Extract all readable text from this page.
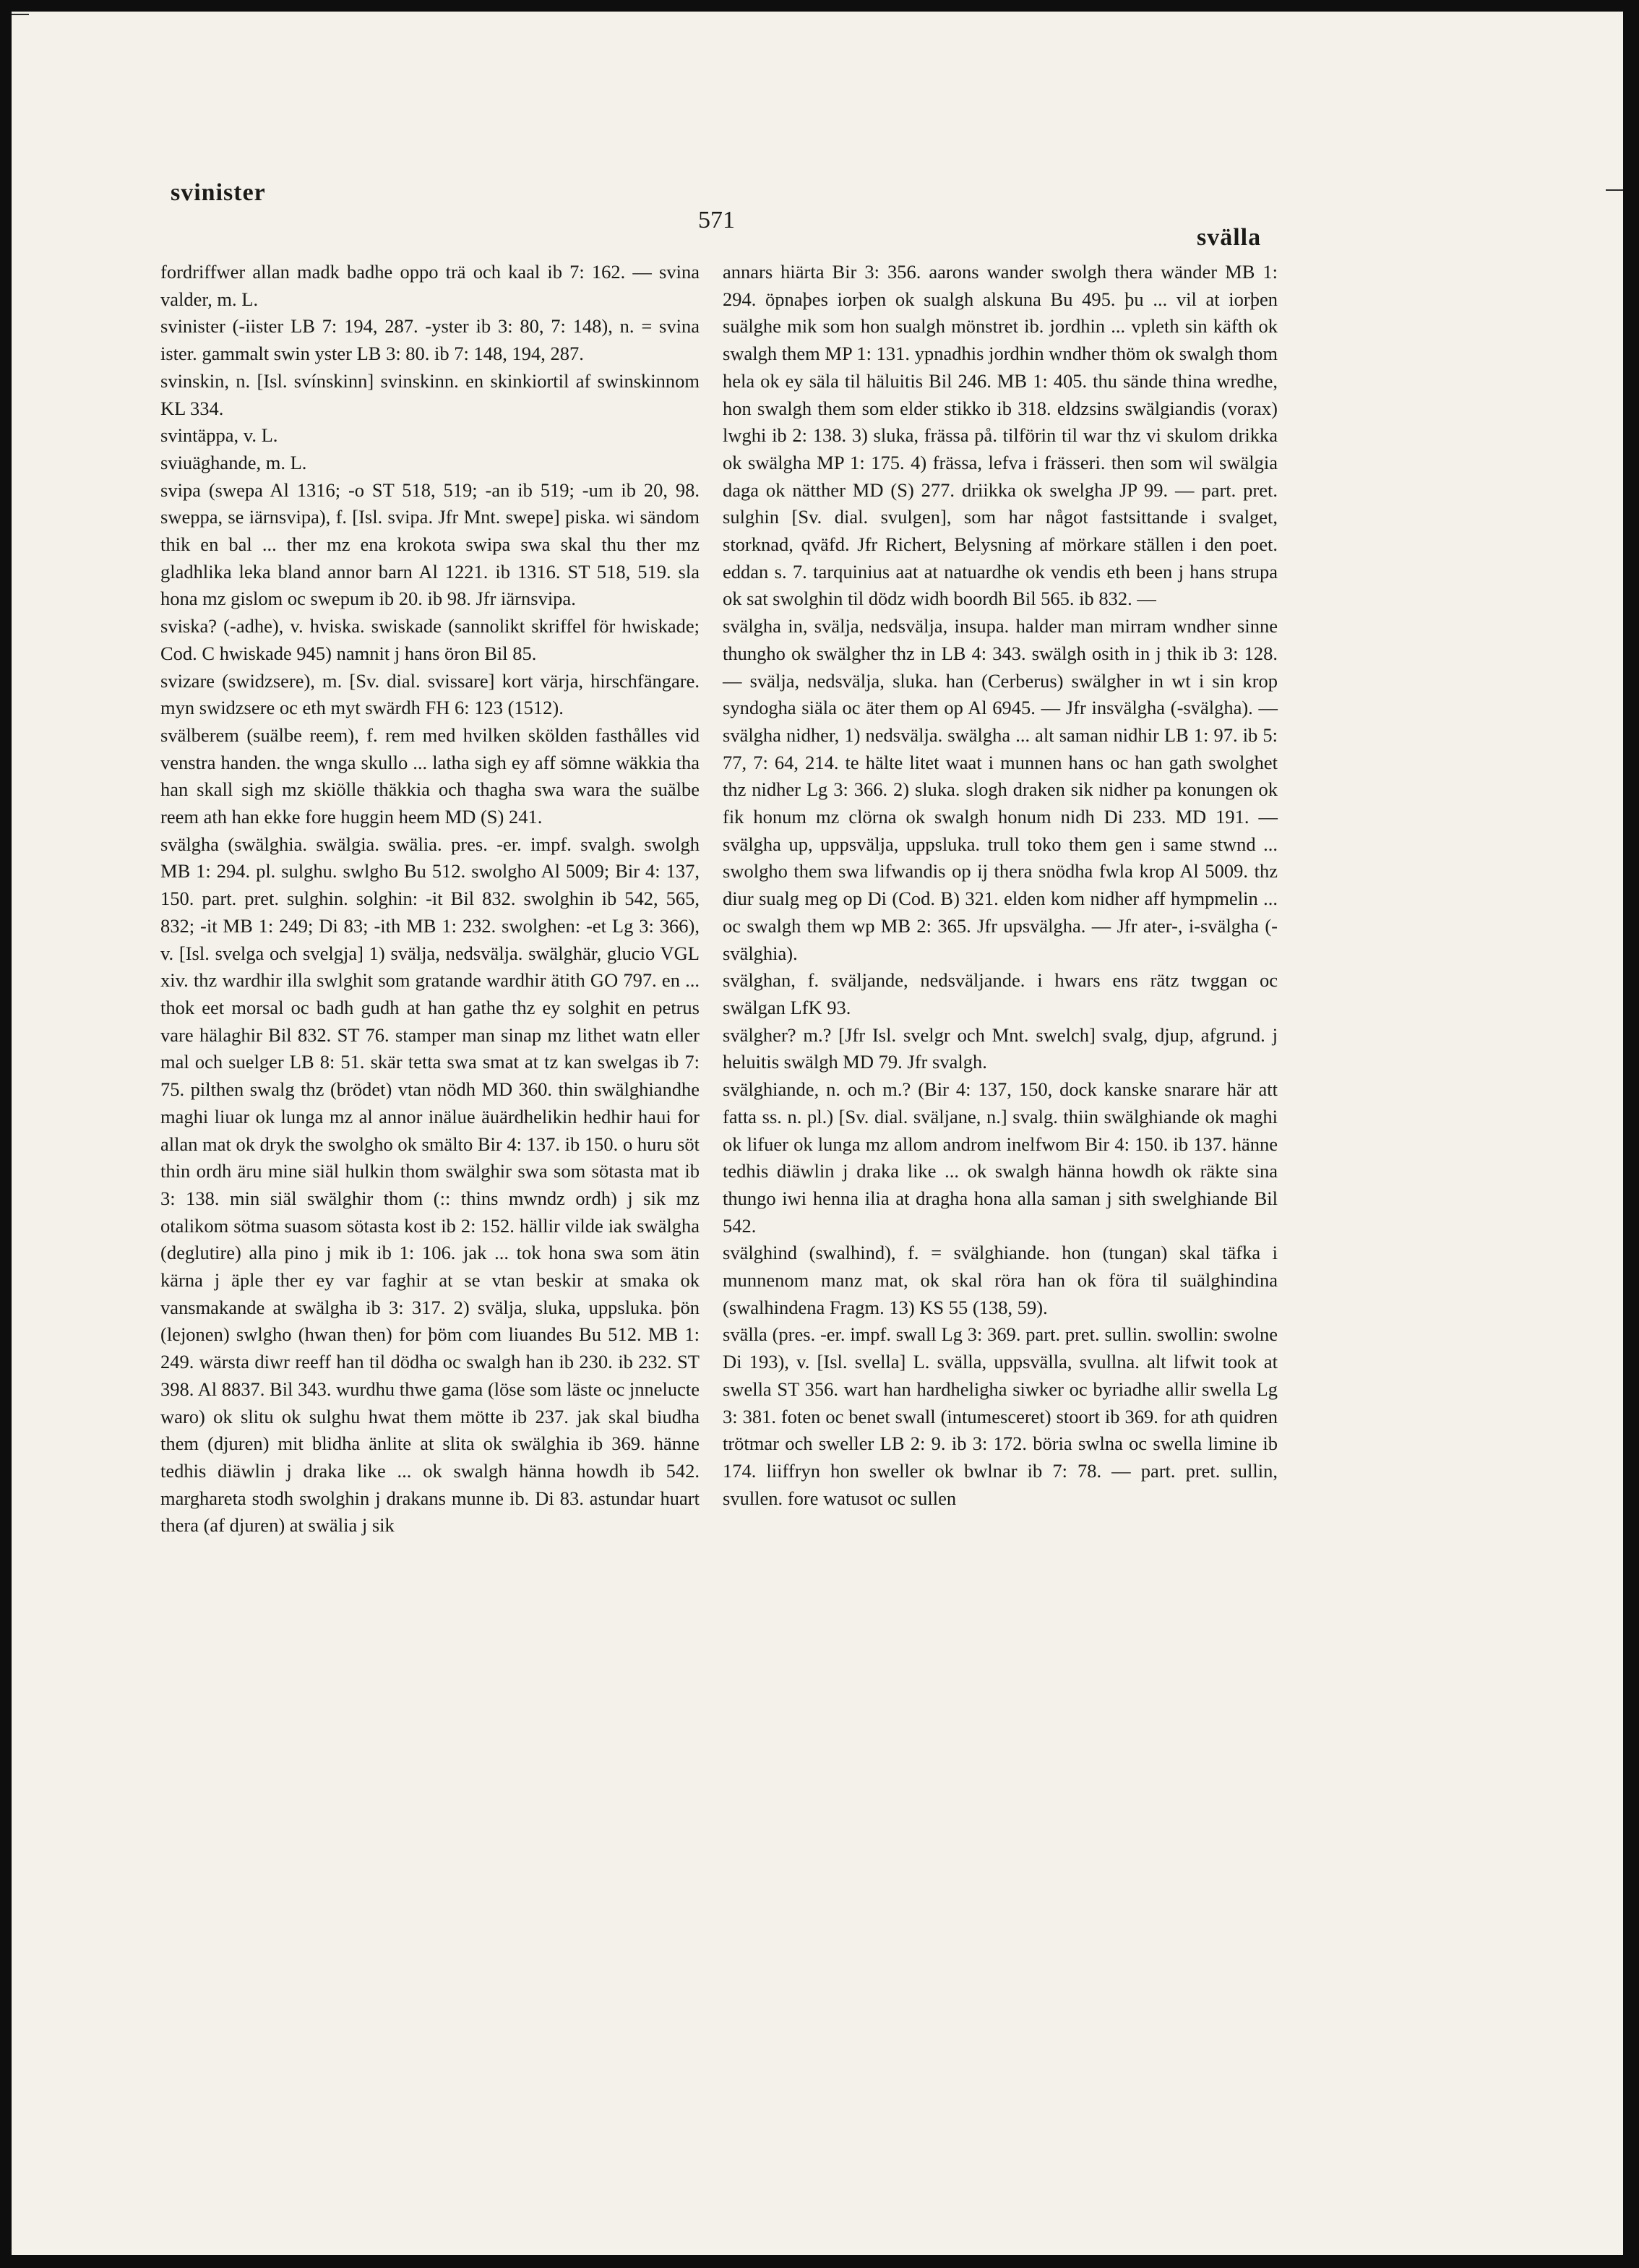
svinister
571
svälla

fordriffwer allan madk badhe oppo trä och kaal ib 7: 162. — svina valder, m. L.

svinister (-iister LB 7: 194, 287. -yster ib 3: 80, 7: 148), n. = svina ister. gammalt swin yster LB 3: 80. ib 7: 148, 194, 287.

svinskin, n. [Isl. svínskinn] svinskinn. en skinkiortil af swinskinnom KL 334.

svintäppa, v. L.

sviuäghande, m. L.

svipa (swepa Al 1316; -o ST 518, 519; -an ib 519; -um ib 20, 98. sweppa, se iärnsvipa), f. [Isl. svipa. Jfr Mnt. swepe] piska. wi sändom thik en bal ... ther mz ena krokota swipa swa skal thu ther mz gladhlika leka bland annor barn Al 1221. ib 1316. ST 518, 519. sla hona mz gislom oc swepum ib 20. ib 98. Jfr iärnsvipa.

sviska? (-adhe), v. hviska. swiskade (sannolikt skriffel för hwiskade; Cod. C hwiskade 945) namnit j hans öron Bil 85.

svizare (swidzsere), m. [Sv. dial. svissare] kort värja, hirschfängare. myn swidzsere oc eth myt swärdh FH 6: 123 (1512).

svälberem (suälbe reem), f. rem med hvilken skölden fasthålles vid venstra handen. the wnga skullo ... latha sigh ey aff sömne wäkkia tha han skall sigh mz skiölle thäkkia och thagha swa wara the suälbe reem ath han ekke fore huggin heem MD (S) 241.

svälgha (swälghia. swälgia. swälia. pres. -er. impf. svalgh. swolgh MB 1: 294. pl. sulghu. swlgho Bu 512. swolgho Al 5009; Bir 4: 137, 150. part. pret. sulghin. solghin: -it Bil 832. swolghin ib 542, 565, 832; -it MB 1: 249; Di 83; -ith MB 1: 232. swolghen: -et Lg 3: 366), v. [Isl. svelga och svelgja] 1) svälja, nedsvälja. swälghär, glucio VGL xiv. thz wardhir illa swlghit som gratande wardhir ätith GO 797. en ... thok eet morsal oc badh gudh at han gathe thz ey solghit en petrus vare hälaghir Bil 832. ST 76. stamper man sinap mz lithet watn eller mal och suelger LB 8: 51. skär tetta swa smat at tz kan swelgas ib 7: 75. pilthen swalg thz (brödet) vtan nödh MD 360. thin swälghiandhe maghi liuar ok lunga mz al annor inälue äuärdhelikin hedhir haui for allan mat ok dryk the swolgho ok smälto Bir 4: 137. ib 150. o huru söt thin ordh äru mine siäl hulkin thom swälghir swa som sötasta mat ib 3: 138. min siäl swälghir thom (:: thins mwndz ordh) j sik mz otalikom sötma suasom sötasta kost ib 2: 152. hällir vilde iak swälgha (deglutire) alla pino j mik ib 1: 106. jak ... tok hona swa som ätin kärna j äple ther ey var faghir at se vtan beskir at smaka ok vansmakande at swälgha ib 3: 317. 2) svälja, sluka, uppsluka. þön (lejonen) swlgho (hwan then) for þöm com liuandes Bu 512. MB 1: 249. wärsta diwr reeff han til dödha oc swalgh han ib 230. ib 232. ST 398. Al 8837. Bil 343. wurdhu thwe gama (löse som läste oc jnnelucte waro) ok slitu ok sulghu hwat them mötte ib 237. jak skal biudha them (djuren) mit blidha änlite at slita ok swälghia ib 369. hänne tedhis diäwlin j draka like ... ok swalgh hänna howdh ib 542. marghareta stodh swolghin j drakans munne ib. Di 83. astundar huart thera (af djuren) at swälia j sik

annars hiärta Bir 3: 356. aarons wander swolgh thera wänder MB 1: 294. öpnaþes iorþen ok sualgh alskuna Bu 495. þu ... vil at iorþen suälghe mik som hon sualgh mönstret ib. jordhin ... vpleth sin käfth ok swalgh them MP 1: 131. ypnadhis jordhin wndher thöm ok swalgh thom hela ok ey säla til häluitis Bil 246. MB 1: 405. thu sände thina wredhe, hon swalgh them som elder stikko ib 318. eldzsins swälgiandis (vorax) lwghi ib 2: 138. 3) sluka, frässa på. tilförin til war thz vi skulom drikka ok swälgha MP 1: 175. 4) frässa, lefva i frässeri. then som wil swälgia daga ok nätther MD (S) 277. driikka ok swelgha JP 99. — part. pret. sulghin [Sv. dial. svulgen], som har något fastsittande i svalget, storknad, qväfd. Jfr Richert, Belysning af mörkare ställen i den poet. eddan s. 7. tarquinius aat at natuardhe ok vendis eth been j hans strupa ok sat swolghin til dödz widh boordh Bil 565. ib 832. —

svälgha in, svälja, nedsvälja, insupa. halder man mirram wndher sinne thungho ok swälgher thz in LB 4: 343. swälgh osith in j thik ib 3: 128. — svälja, nedsvälja, sluka. han (Cerberus) swälgher in wt i sin krop syndogha siäla oc äter them op Al 6945. — Jfr insvälgha (-svälgha). — svälgha nidher, 1) nedsvälja. swälgha ... alt saman nidhir LB 1: 97. ib 5: 77, 7: 64, 214. te hälte litet waat i munnen hans oc han gath swolghet thz nidher Lg 3: 366. 2) sluka. slogh draken sik nidher pa konungen ok fik honum mz clörna ok swalgh honum nidh Di 233. MD 191. — svälgha up, uppsvälja, uppsluka. trull toko them gen i same stwnd ... swolgho them swa lifwandis op ij thera snödha fwla krop Al 5009. thz diur sualg meg op Di (Cod. B) 321. elden kom nidher aff hympmelin ... oc swalgh them wp MB 2: 365. Jfr upsvälgha. — Jfr ater-, i-svälgha (-svälghia).

svälghan, f. sväljande, nedsväljande. i hwars ens rätz twggan oc swälgan LfK 93.

svälgher? m.? [Jfr Isl. svelgr och Mnt. swelch] svalg, djup, afgrund. j heluitis swälgh MD 79. Jfr svalgh.

svälghiande, n. och m.? (Bir 4: 137, 150, dock kanske snarare här att fatta ss. n. pl.) [Sv. dial. sväljane, n.] svalg. thiin swälghiande ok maghi ok lifuer ok lunga mz allom androm inelfwom Bir 4: 150. ib 137. hänne tedhis diäwlin j draka like ... ok swalgh hänna howdh ok räkte sina thungo iwi henna ilia at dragha hona alla saman j sith swelghiande Bil 542.

svälghind (swalhind), f. = svälghiande. hon (tungan) skal täfka i munnenom manz mat, ok skal röra han ok föra til suälghindina (swalhindena Fragm. 13) KS 55 (138, 59).

svälla (pres. -er. impf. swall Lg 3: 369. part. pret. sullin. swollin: swolne Di 193), v. [Isl. svella] L. svälla, uppsvälla, svullna. alt lifwit took at swella ST 356. wart han hardheligha siwker oc byriadhe allir swella Lg 3: 381. foten oc benet swall (intumesceret) stoort ib 369. for ath quidren trötmar och sweller LB 2: 9. ib 3: 172. böria swlna oc swella limine ib 174. liiffryn hon sweller ok bwlnar ib 7: 78. — part. pret. sullin, svullen. fore watusot oc sullen
